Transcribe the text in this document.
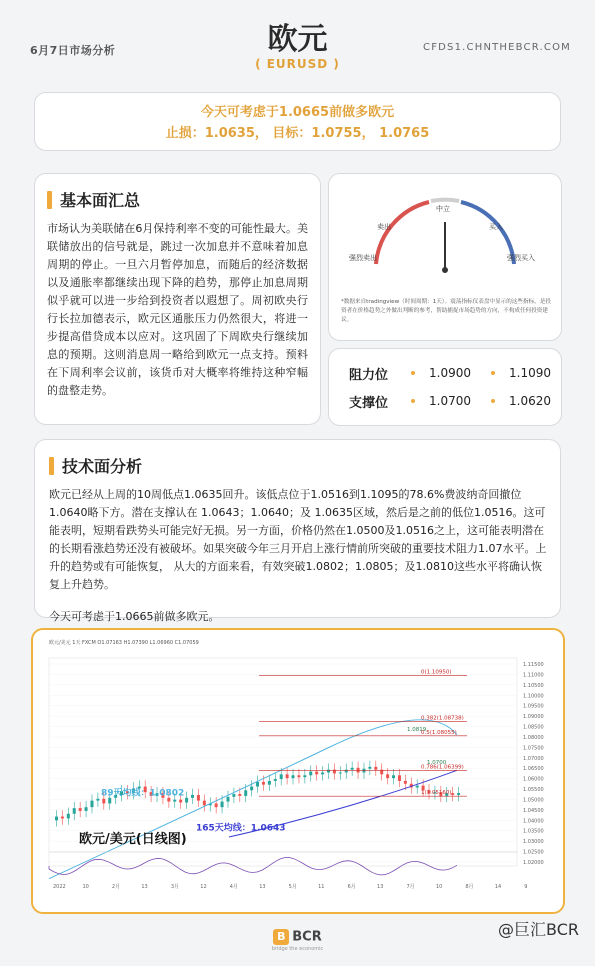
6月7日市场分析	欧元
( EURUSD )
CFDS1.CHNTHEBCR.COM
今天可考虑于1.0665前做多欧元
止损：1.0635， 目标：1.0755， 1.0765
基本面汇总
市场认为美联储在6月保持利率不变的可能性最大。美联储放出的信号就是，跳过一次加息并不意味着加息周期的停止。一旦六月暂停加息，而随后的经济数据以及通胀率都继续出现下降的趋势，那停止加息周期似乎就可以进一步给到投资者以遐想了。周初欧央行行长拉加德表示，欧元区通胀压力仍然很大，将进一步提高借贷成本以应对。这巩固了下周欧央行继续加息的预期。这则消息周一略给到欧元一点支持。预料在下周利率会议前，该货币对大概率将维持这种窄幅的盘整走势。
中立
卖出	买入
强烈卖出	强烈买入
*数据来自tradingview（时间周期：1天）。震荡指标仪表盘中显示的这些指标，是投资者在价格趋势之外做出判断的参考，帮助捕捉市场趋势的方向，不构成任何投资建议。
阻力位	1.0900	1.1090
支撑位	1.0700	1.0620
技术面分析
欧元已经从上周的10周低点1.0635回升。该低点位于1.0516到1.1095的78.6%费波纳奇回撤位1.0640略下方。潜在支撑认在 1.0643；1.0640；及 1.0635区域，然后是之前的低位1.0516。这可能表明，短期看跌势头可能完好无损。另一方面，价格仍然在1.0500及1.0516之上，这可能表明潜在的长期看涨趋势还没有被破坏。如果突破今年三月开启上涨行情前所突破的重要技术阻力1.07水平。上升的趋势或有可能恢复， 从大的方面来看，有效突破1.0802；1.0805；及1.0810这些水平将确认恢复上升趋势。
今天可考虑于1.0665前做多欧元。
欧元/美元 1天 FXCM O1.07163 H1.07390 L1.06960 C1.07059
1.11500
1.11000
1.10500
1.10000
1.09500
1.09000
1.08500
1.08000
1.07500
1.07000
1.06500
1.06000
1.05500
1.05000
1.04500
1.04000
1.03500
1.03000
1.02500
1.02000
0(1.10950)
0.382(1.08738)
0.5(1.08055)
0.786(1.06399)
1(1.05160)
1.0819
1.0700
89天均线：1.0802
165天均线：1.0643
欧元/美元(日线图)
2022	10	2月	13	3月	12	4月	13	5月	11	6月	13	7月	10	8月	14	9
B BCR
bridge the economic
@巨汇BCR
